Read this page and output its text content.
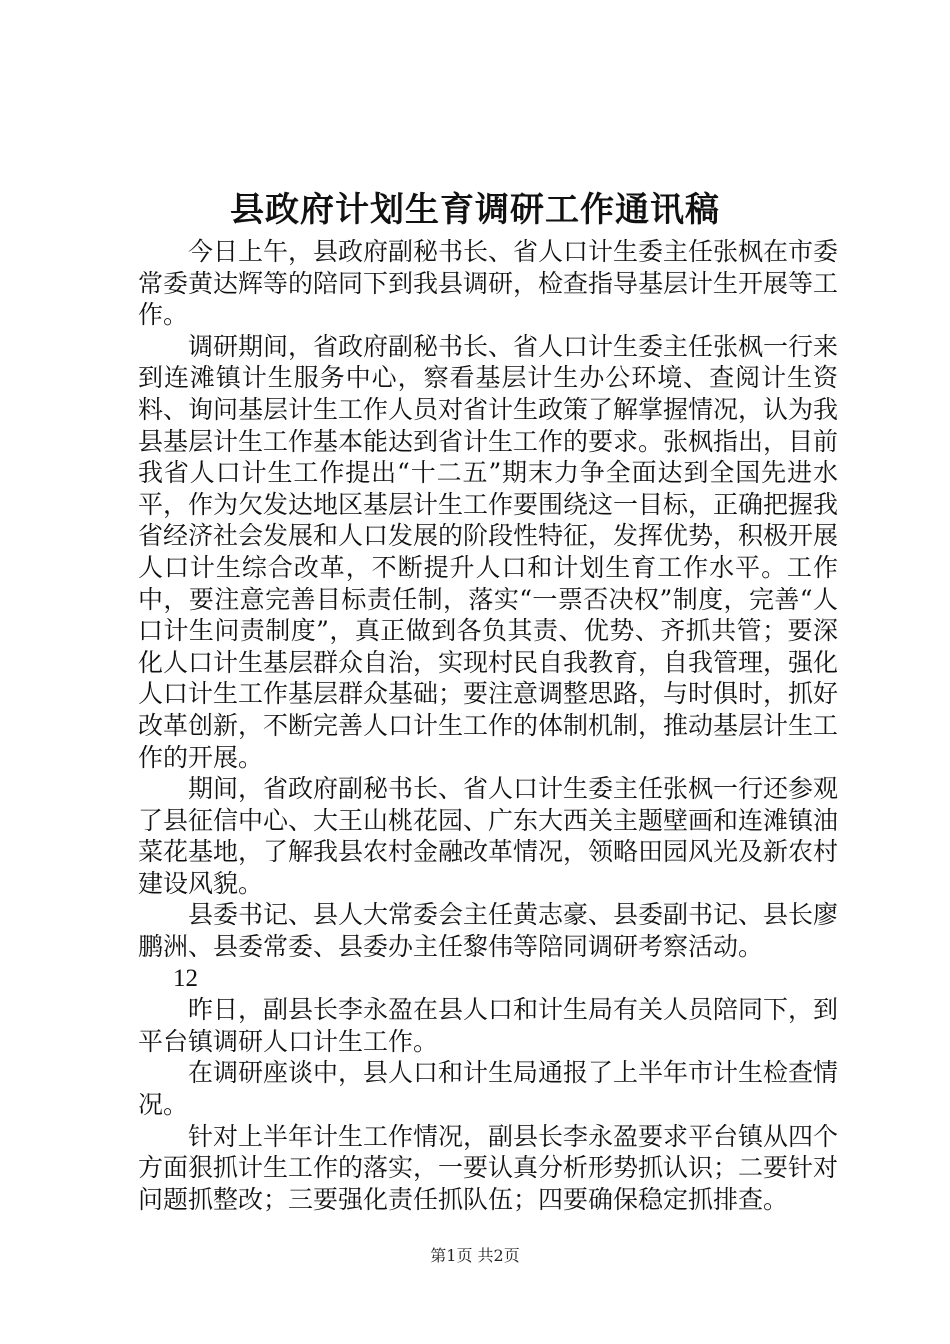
县政府计划生育调研工作通讯稿

今日上午，县政府副秘书长、省人口计生委主任张枫在市委常委黄达辉等的陪同下到我县调研，检查指导基层计生开展等工作。

调研期间，省政府副秘书长、省人口计生委主任张枫一行来到连滩镇计生服务中心，察看基层计生办公环境、查阅计生资料、询问基层计生工作人员对省计生政策了解掌握情况，认为我县基层计生工作基本能达到省计生工作的要求。张枫指出，目前我省人口计生工作提出“十二五”期末力争全面达到全国先进水平，作为欠发达地区基层计生工作要围绕这一目标，正确把握我省经济社会发展和人口发展的阶段性特征，发挥优势，积极开展人口计生综合改革，不断提升人口和计划生育工作水平。工作中，要注意完善目标责任制，落实“一票否决权”制度，完善“人口计生问责制度”，真正做到各负其责、优势、齐抓共管；要深化人口计生基层群众自治，实现村民自我教育，自我管理，强化人口计生工作基层群众基础；要注意调整思路，与时俱时，抓好改革创新，不断完善人口计生工作的体制机制，推动基层计生工作的开展。

期间，省政府副秘书长、省人口计生委主任张枫一行还参观了县征信中心、大王山桃花园、广东大西关主题壁画和连滩镇油菜花基地，了解我县农村金融改革情况，领略田园风光及新农村建设风貌。

县委书记、县人大常委会主任黄志豪、县委副书记、县长廖鹏洲、县委常委、县委办主任黎伟等陪同调研考察活动。

12

昨日，副县长李永盈在县人口和计生局有关人员陪同下，到平台镇调研人口计生工作。

在调研座谈中，县人口和计生局通报了上半年市计生检查情况。

针对上半年计生工作情况，副县长李永盈要求平台镇从四个方面狠抓计生工作的落实，一要认真分析形势抓认识；二要针对问题抓整改；三要强化责任抓队伍；四要确保稳定抓排查。

第1页 共2页
